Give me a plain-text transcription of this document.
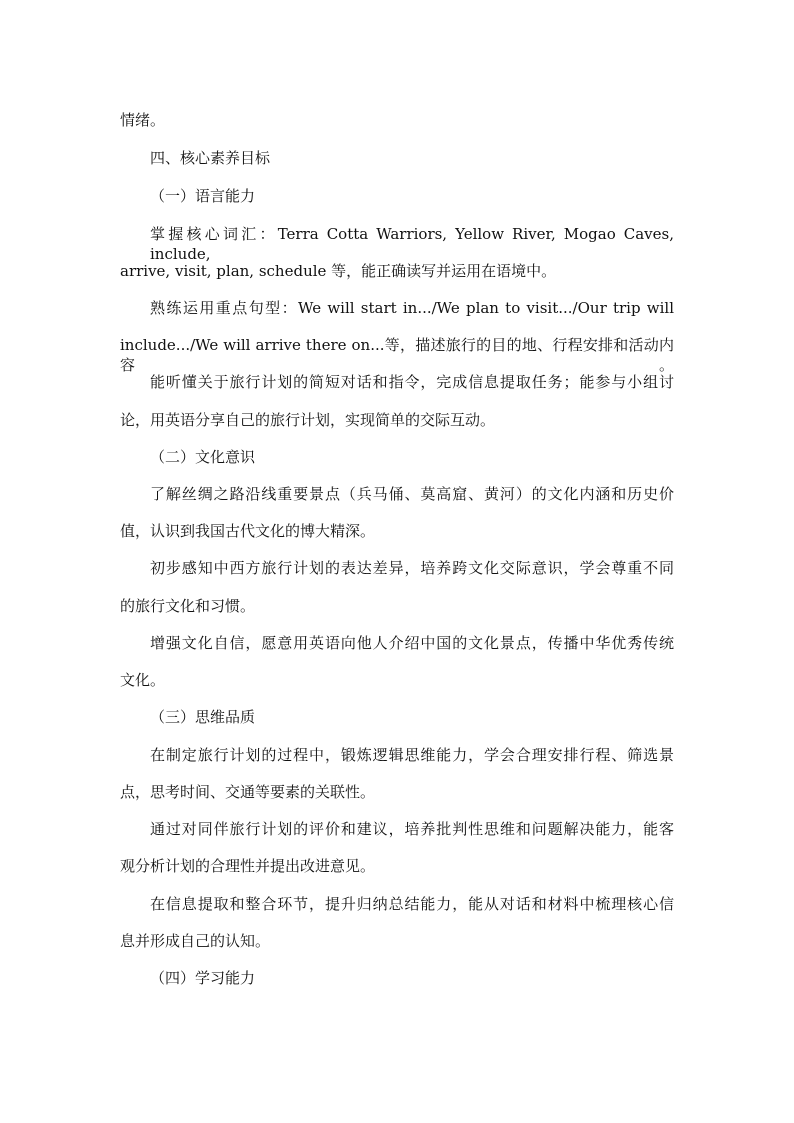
情绪。
四、核心素养目标
（一）语言能力
掌握核心词汇：Terra Cotta Warriors, Yellow River, Mogao Caves, include,
arrive, visit, plan, schedule 等，能正确读写并运用在语境中。
熟练运用重点句型：We will start in.../We plan to visit.../Our trip will
include.../We will arrive there on...等，描述旅行的目的地、行程安排和活动内容。
能听懂关于旅行计划的简短对话和指令，完成信息提取任务；能参与小组讨
论，用英语分享自己的旅行计划，实现简单的交际互动。
（二）文化意识
了解丝绸之路沿线重要景点（兵马俑、莫高窟、黄河）的文化内涵和历史价
值，认识到我国古代文化的博大精深。
初步感知中西方旅行计划的表达差异，培养跨文化交际意识，学会尊重不同
的旅行文化和习惯。
增强文化自信，愿意用英语向他人介绍中国的文化景点，传播中华优秀传统
文化。
（三）思维品质
在制定旅行计划的过程中，锻炼逻辑思维能力，学会合理安排行程、筛选景
点，思考时间、交通等要素的关联性。
通过对同伴旅行计划的评价和建议，培养批判性思维和问题解决能力，能客
观分析计划的合理性并提出改进意见。
在信息提取和整合环节，提升归纳总结能力，能从对话和材料中梳理核心信
息并形成自己的认知。
（四）学习能力
